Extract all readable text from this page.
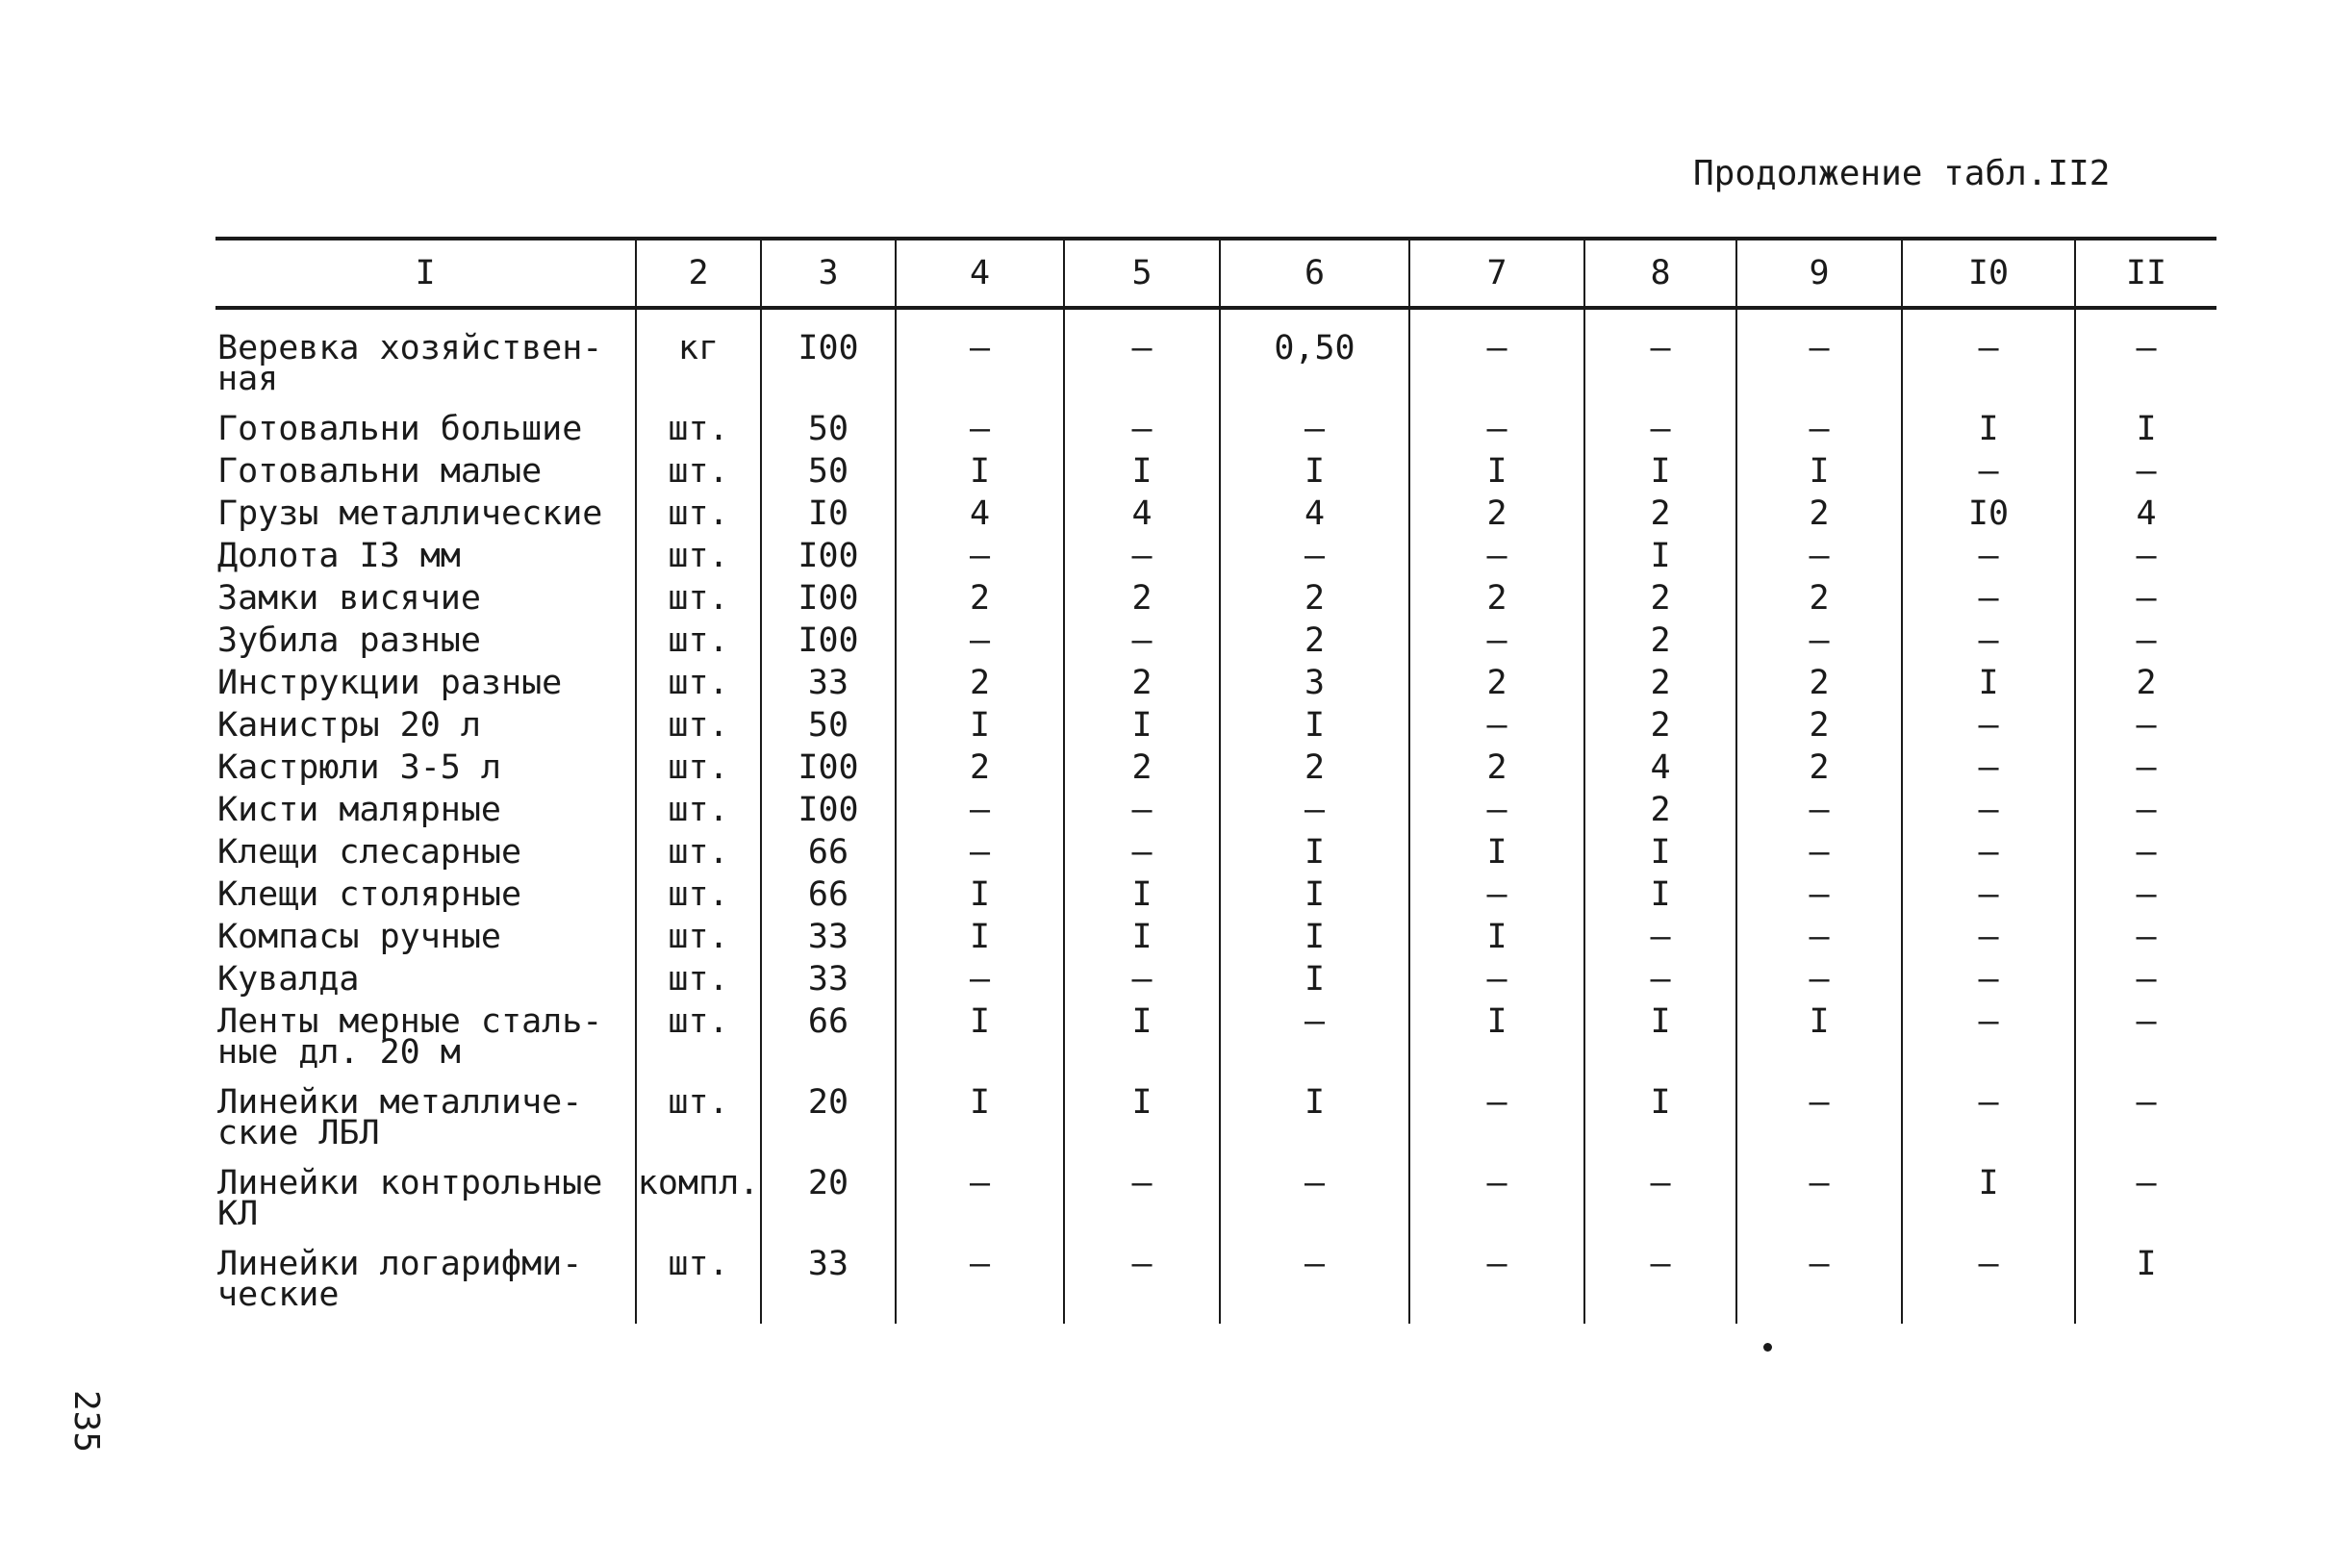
Продолжение табл.II2
I	2	3	4	5	6	7	8	9	I0	II
Веревка хозяйствен-ная	кг	I00	–	–	0,50	–	–	–	–	–
Готовальни большие	шт.	50	–	–	–	–	–	–	I	I
Готовальни малые	шт.	50	I	I	I	I	I	I	–	–
Грузы металлические	шт.	I0	4	4	4	2	2	2	I0	4
Долота I3 мм	шт.	I00	–	–	–	–	I	–	–	–
Замки висячие	шт.	I00	2	2	2	2	2	2	–	–
Зубила разные	шт.	I00	–	–	2	–	2	–	–	–
Инструкции разные	шт.	33	2	2	3	2	2	2	I	2
Канистры 20 л	шт.	50	I	I	I	–	2	2	–	–
Кастрюли 3-5 л	шт.	I00	2	2	2	2	4	2	–	–
Кисти малярные	шт.	I00	–	–	–	–	2	–	–	–
Клещи слесарные	шт.	66	–	–	I	I	I	–	–	–
Клещи столярные	шт.	66	I	I	I	–	I	–	–	–
Компасы ручные	шт.	33	I	I	I	I	–	–	–	–
Кувалда	шт.	33	–	–	I	–	–	–	–	–
Ленты мерные сталь-ные дл. 20 м	шт.	66	I	I	–	I	I	I	–	–
Линейки металличе-ские ЛБЛ	шт.	20	I	I	I	–	I	–	–	–
Линейки контрольные КЛ	компл.	20	–	–	–	–	–	–	I	–
Линейки логарифми-ческие	шт.	33	–	–	–	–	–	–	–	I
235
